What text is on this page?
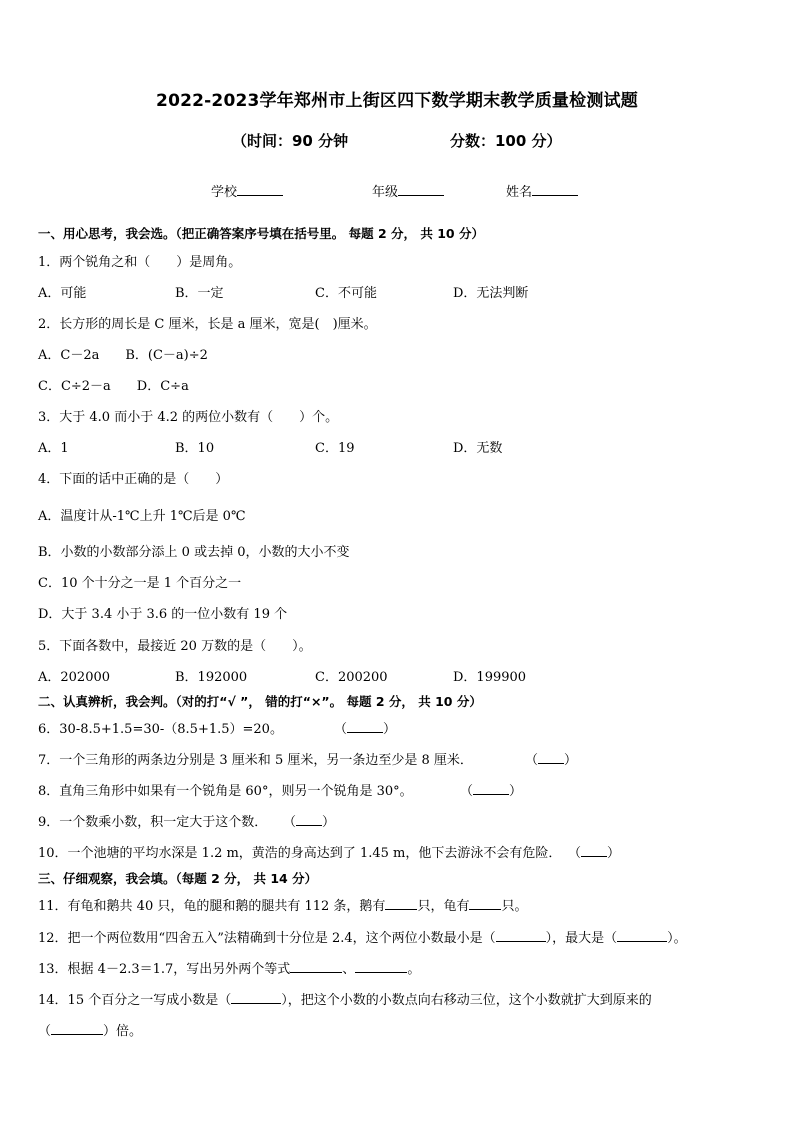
2022-2023学年郑州市上街区四下数学期末教学质量检测试题
（时间：90 分钟	分数：100 分）
学校	年级	姓名
一、用心思考，我会选。（把正确答案序号填在括号里。 每题 2 分， 共 10 分）
1．两个锐角之和（　　）是周角。
A．可能	B．一定	C．不可能	D．无法判断
2．长方形的周长是 C 厘米，长是 a 厘米，宽是(　)厘米。
A．C－2a　　B．(C－a)÷2
C．C÷2－a　　D．C÷a
3．大于 4.0 而小于 4.2 的两位小数有（　　）个。
A．1	B．10	C．19	D．无数
4．下面的话中正确的是（　　）
A．温度计从-1℃上升 1℃后是 0℃
B．小数的小数部分添上 0 或去掉 0，小数的大小不变
C．10 个十分之一是 1 个百分之一
D．大于 3.4 小于 3.6 的一位小数有 19 个
5．下面各数中，最接近 20 万数的是（　　）。
A．202000	B．192000	C．200200	D．199900
二、认真辨析，我会判。（对的打“√ ”， 错的打“×”。 每题 2 分， 共 10 分）
6．30-8.5+1.5=30-（8.5+1.5）=20。	（	）
7．一个三角形的两条边分别是 3 厘米和 5 厘米，另一条边至少是 8 厘米．	（ ）
8．直角三角形中如果有一个锐角是 60°，则另一个锐角是 30°。	（	）
9．一个数乘小数，积一定大于这个数． （ ）
10．一个池塘的平均水深是 1.2 m，黄浩的身高达到了 1.45 m，他下去游泳不会有危险． （ ）
三、仔细观察，我会填。（每题 2 分， 共 14 分）
11．有龟和鹅共 40 只，龟的腿和鹅的腿共有 112 条，鹅有 只，龟有 只。
12．把一个两位数用“四舍五入”法精确到十分位是 2.4，这个两位小数最小是（	），最大是（	）。
13．根据 4－2.3＝1.7，写出另外两个等式	、	。
14．15 个百分之一写成小数是（	），把这个小数的小数点向右移动三位，这个小数就扩大到原来的
（	）倍。
